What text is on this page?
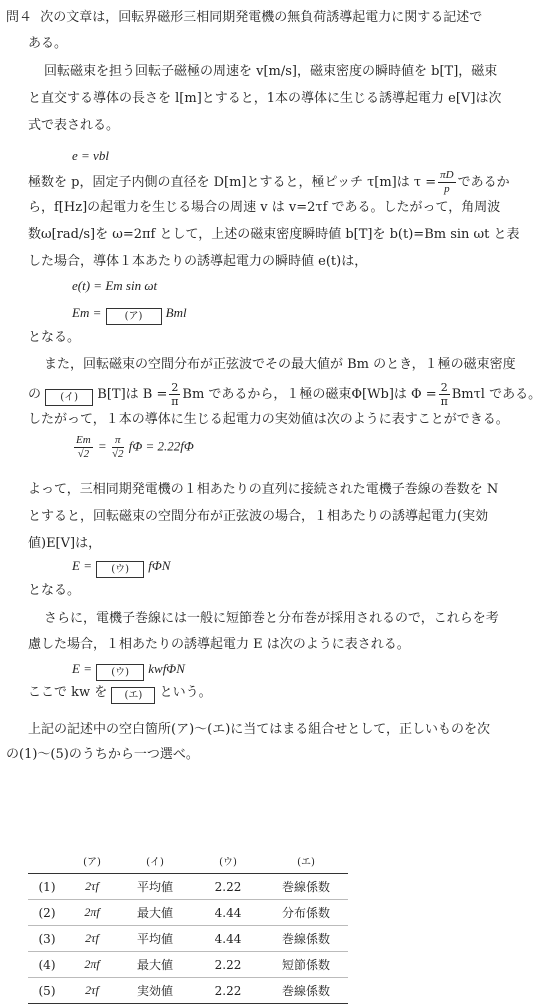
問４ 次の文章は，回転界磁形三相同期発電機の無負荷誘導起電力に関する記述で
ある。
回転磁束を担う回転子磁極の周速を v[m/s]，磁束密度の瞬時値を b[T]，磁束
と直交する導体の長さを l[m]とすると，1本の導体に生じる誘導起電力 e[V]は次
式で表される。
e = vbl
極数を p，固定子内側の直径を D[m]とすると，極ピッチ τ[m]は $\tau = \frac{\pi D}{p}$ であるか
ら，f[Hz]の起電力を生じる場合の周速 v は v=2τf である。したがって，角周波
数ω[rad/s]を ω=2πf として，上述の磁束密度瞬時値 b[T]を b(t)=Bm sin ωt と表
した場合，導体１本あたりの誘導起電力の瞬時値 e(t)は，
e(t) = Em sin ωt
Em = (ア) Bml
となる。
また，回転磁束の空間分布が正弦波でその最大値が Bm のとき，１極の磁束密度
の (イ) B[T]は $B = \frac{2}{\pi}$ Bm であるから，１極の磁束Φ[Wb]は $\Phi = \frac{2}{\pi}$ Bmτl である。
したがって，１本の導体に生じる起電力の実効値は次のように表すことができる。
$\frac{Em}{√2} = \frac{\pi}{√2}$ fΦ = 2.22fΦ
よって，三相同期発電機の１相あたりの直列に接続された電機子巻線の巻数を N
とすると，回転磁束の空間分布が正弦波の場合，１相あたりの誘導起電力(実効
値)E[V]は，
E = (ウ) fΦN
となる。
さらに，電機子巻線には一般に短節巻と分布巻が採用されるので，これらを考
慮した場合，１相あたりの誘導起電力 E は次のように表される。
E = (ウ) kwfΦN
ここで kw を (エ) という。
上記の記述中の空白箇所(ア)～(エ)に当てはまる組合せとして，正しいものを次
の(1)～(5)のうちから一つ選べ。
	(ア)	(イ)	(ウ)	(エ)
(1)	2τf	平均値	2.22	巻線係数
(2)	2πf	最大値	4.44	分布係数
(3)	2τf	平均値	4.44	巻線係数
(4)	2πf	最大値	2.22	短節係数
(5)	2τf	実効値	2.22	巻線係数
